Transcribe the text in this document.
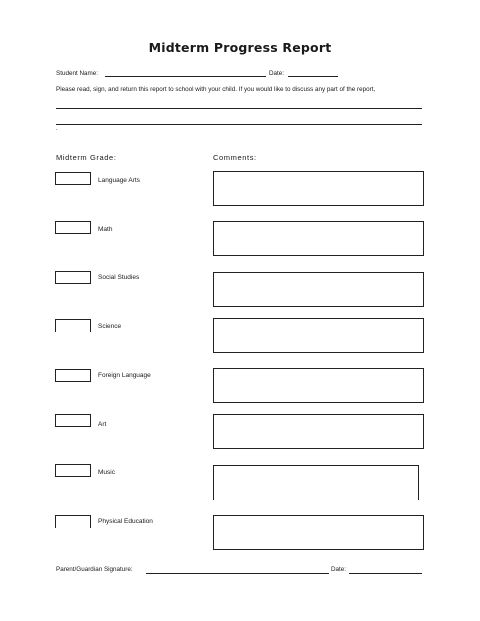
Midterm Progress Report
Student Name:	Date:
Please read, sign, and return this report to school with your child. If you would like to discuss any part of the report,
.
Midterm Grade:	Comments:
Language Arts
Math
Social Studies
Science
Foreign Language
Art
Music
Physical Education
Parent/Guardian Signature:	Date:
